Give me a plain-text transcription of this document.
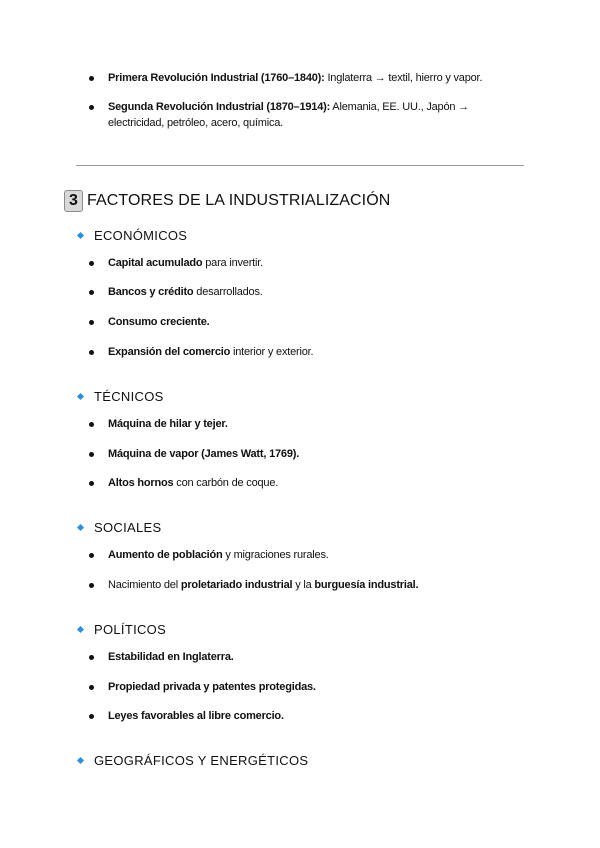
Primera Revolución Industrial (1760–1840): Inglaterra → textil, hierro y vapor.
Segunda Revolución Industrial (1870–1914): Alemania, EE. UU., Japón → electricidad, petróleo, acero, química.
3 FACTORES DE LA INDUSTRIALIZACIÓN
ECONÓMICOS
Capital acumulado para invertir.
Bancos y crédito desarrollados.
Consumo creciente.
Expansión del comercio interior y exterior.
TÉCNICOS
Máquina de hilar y tejer.
Máquina de vapor (James Watt, 1769).
Altos hornos con carbón de coque.
SOCIALES
Aumento de población y migraciones rurales.
Nacimiento del proletariado industrial y la burguesía industrial.
POLÍTICOS
Estabilidad en Inglaterra.
Propiedad privada y patentes protegidas.
Leyes favorables al libre comercio.
GEOGRÁFICOS Y ENERGÉTICOS
